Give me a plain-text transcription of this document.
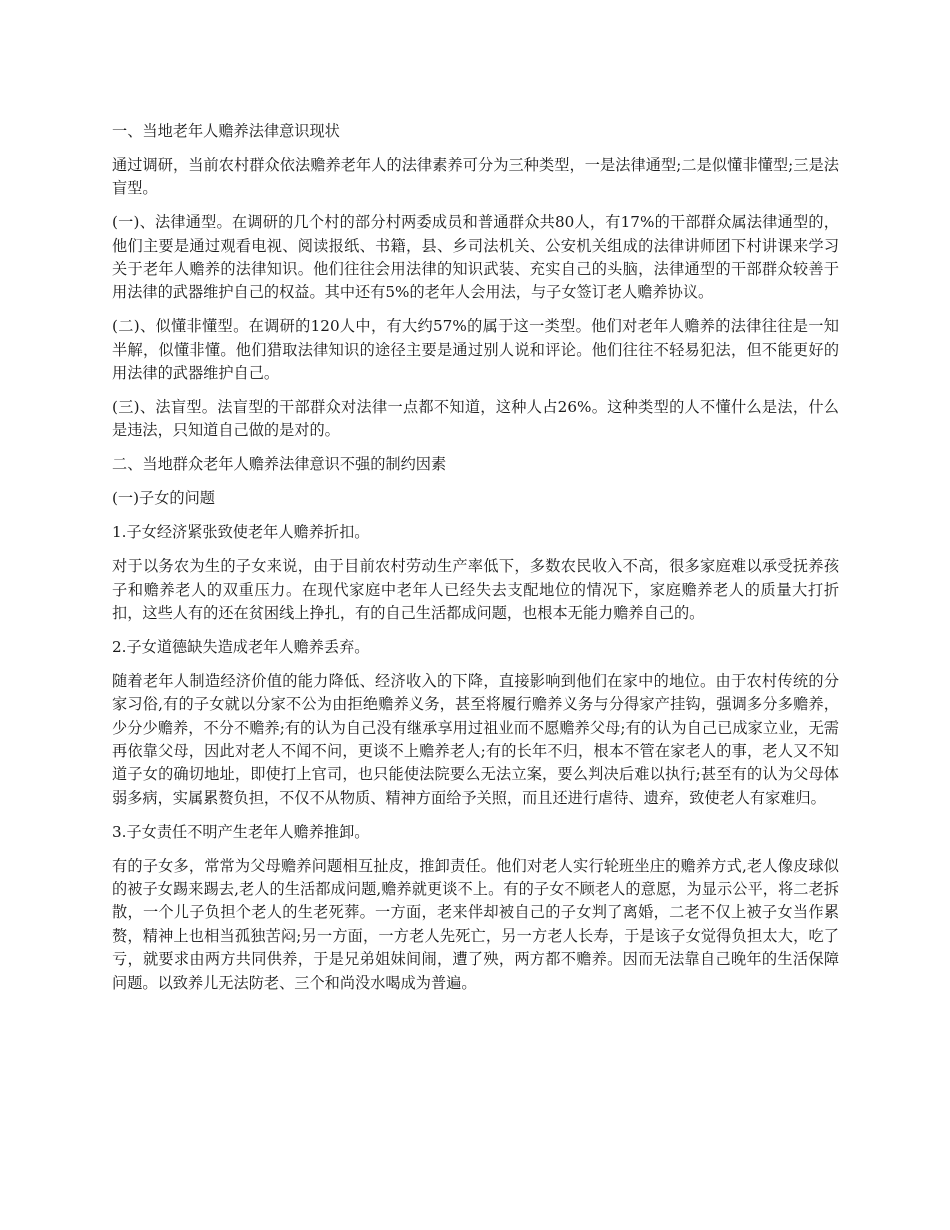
一、当地老年人赡养法律意识现状

通过调研，当前农村群众依法赡养老年人的法律素养可分为三种类型，一是法律通型;二是似懂非懂型;三是法盲型。

(一)、法律通型。在调研的几个村的部分村两委成员和普通群众共80人，有17%的干部群众属法律通型的，他们主要是通过观看电视、阅读报纸、书籍，县、乡司法机关、公安机关组成的法律讲师团下村讲课来学习关于老年人赡养的法律知识。他们往往会用法律的知识武装、充实自己的头脑，法律通型的干部群众较善于用法律的武器维护自己的权益。其中还有5%的老年人会用法，与子女签订老人赡养协议。

(二)、似懂非懂型。在调研的120人中，有大约57%的属于这一类型。他们对老年人赡养的法律往往是一知半解，似懂非懂。他们猎取法律知识的途径主要是通过别人说和评论。他们往往不轻易犯法，但不能更好的用法律的武器维护自己。

(三)、法盲型。法盲型的干部群众对法律一点都不知道，这种人占26%。这种类型的人不懂什么是法，什么是违法，只知道自己做的是对的。

二、当地群众老年人赡养法律意识不强的制约因素

(一)子女的问题

1.子女经济紧张致使老年人赡养折扣。

对于以务农为生的子女来说，由于目前农村劳动生产率低下，多数农民收入不高，很多家庭难以承受抚养孩子和赡养老人的双重压力。在现代家庭中老年人已经失去支配地位的情况下，家庭赡养老人的质量大打折扣，这些人有的还在贫困线上挣扎，有的自己生活都成问题，也根本无能力赡养自己的。

2.子女道德缺失造成老年人赡养丢弃。

随着老年人制造经济价值的能力降低、经济收入的下降，直接影响到他们在家中的地位。由于农村传统的分家习俗,有的子女就以分家不公为由拒绝赡养义务，甚至将履行赡养义务与分得家产挂钩，强调多分多赡养，少分少赡养，不分不赡养;有的认为自己没有继承享用过祖业而不愿赡养父母;有的认为自己已成家立业，无需再依靠父母，因此对老人不闻不问，更谈不上赡养老人;有的长年不归，根本不管在家老人的事，老人又不知道子女的确切地址，即使打上官司，也只能使法院要么无法立案，要么判决后难以执行;甚至有的认为父母体弱多病，实属累赘负担，不仅不从物质、精神方面给予关照，而且还进行虐待、遗弃，致使老人有家难归。

3.子女责任不明产生老年人赡养推卸。

有的子女多，常常为父母赡养问题相互扯皮，推卸责任。他们对老人实行轮班坐庄的赡养方式,老人像皮球似的被子女踢来踢去,老人的生活都成问题,赡养就更谈不上。有的子女不顾老人的意愿，为显示公平，将二老拆散，一个儿子负担个老人的生老死葬。一方面，老来伴却被自己的子女判了离婚，二老不仅上被子女当作累赘，精神上也相当孤独苦闷;另一方面，一方老人先死亡，另一方老人长寿，于是该子女觉得负担太大，吃了亏，就要求由两方共同供养，于是兄弟姐妹间闹，遭了殃，两方都不赡养。因而无法靠自己晚年的生活保障问题。以致养儿无法防老、三个和尚没水喝成为普遍。
